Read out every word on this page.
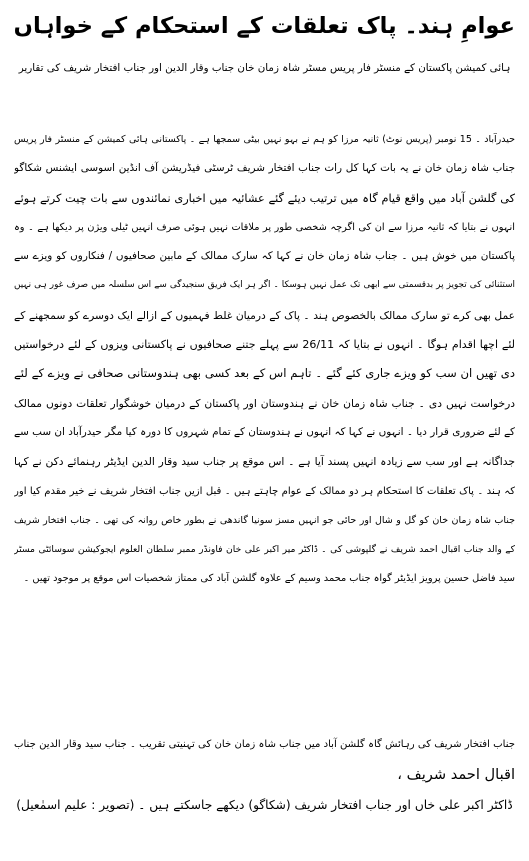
عوامِ ہند۔ پاک تعلقات کے استحکام کے خواہاں
ہائی کمیشن پاکستان کے منسٹر فار پریس مسٹر شاہ زمان خان جناب وقار الدین اور جناب افتخار شریف کی تقاریر
حیدرآباد ۔ 15 نومبر (پریس نوٹ) ثانیہ مرزا کو ہم نے بہو نہیں بیٹی سمجھا ہے ۔ پاکستانی ہائی کمیشن کے منسٹر فار پریس
جناب شاہ زمان خان نے یہ بات کہا کل رات جناب افتخار شریف ٹرسٹی فیڈریشن آف انڈین اسوسی ایشنس شکاگو
کی گلشن آباد میں واقع قیام گاہ میں ترتیب دیئے گئے عشائیہ میں اخباری نمائندوں سے بات چیت کرتے ہوئے
انہوں نے بتایا کہ ثانیہ مرزا سے ان کی اگرچہ شخصی طور پر ملاقات نہیں ہوئی صرف انہیں ٹیلی ویژن پر دیکھا ہے ۔ وہ
پاکستان میں خوش ہیں ۔ جناب شاہ زمان خان نے کہا کہ سارک ممالک کے مابین صحافیوں / فنکاروں کو ویزے سے
استثنائی کی تجویز پر بدقسمتی سے ابھی تک عمل نہیں ہوسکا ۔ اگر ہر ایک فریق سنجیدگی سے اس سلسلہ میں صرف غور ہی نہیں
عمل بھی کرے تو سارک ممالک بالخصوص ہند ۔ پاک کے درمیان غلط فہمیوں کے ازالے ایک دوسرے کو سمجھنے کے
لئے اچھا اقدام ہوگا ۔ انہوں نے بتایا کہ 26/11 سے پہلے جتنے صحافیوں نے پاکستانی ویزوں کے لئے درخواستیں
دی تھیں ان سب کو ویزے جاری کئے گئے ۔ تاہم اس کے بعد کسی بھی ہندوستانی صحافی نے ویزے کے لئے
درخواست نہیں دی ۔ جناب شاہ زمان خان نے ہندوستان اور پاکستان کے درمیان خوشگوار تعلقات دونوں ممالک
کے لئے ضروری قرار دیا ۔ انہوں نے کہا کہ انہوں نے ہندوستان کے تمام شہروں کا دورہ کیا مگر حیدرآباد ان سب سے
جداگانہ ہے اور سب سے زیادہ انہیں پسند آیا ہے ۔ اس موقع پر جناب سید وقار الدین ایڈیٹر رہنمائے دکن نے کہا
کہ ہند ۔ پاک تعلقات کا استحکام ہر دو ممالک کے عوام چاہتے ہیں ۔ قبل ازیں جناب افتخار شریف نے خیر مقدم کیا اور
جناب شاہ زمان خان کو گل و شال اور حائی جو انہیں مسز سونیا گاندھی نے بطور خاص روانہ کی تھی ۔ جناب افتخار شریف
کے والد جناب اقبال احمد شریف نے گلپوشی کی ۔ ڈاکٹر میر اکبر علی خان فاونڈر ممبر سلطان العلوم ایجوکیشن سوسائٹی مسٹر
سید فاضل حسین پرویز ایڈیٹر گواہ جناب محمد وسیم کے علاوہ گلشن آباد کی ممتاز شخصیات اس موقع پر موجود تھیں ۔
جناب افتخار شریف کی رہائش گاہ گلشن آباد میں جناب شاہ زمان خان کی تہنیتی تقریب ۔ جناب سید وقار الدین جناب
اقبال احمد شریف ،
ڈاکٹر اکبر علی خاں اور جناب افتخار شریف (شکاگو) دیکھے جاسکتے ہیں ۔ (تصویر : علیم اسمٰعیل)
